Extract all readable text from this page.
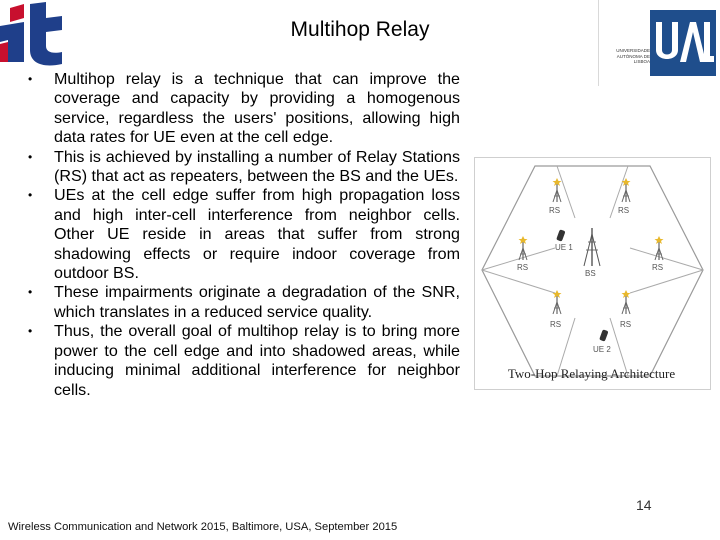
UNIVERSIDADE AUTÓNOMA DE LISBOA
Multihop Relay
•	Multihop relay is a technique that can improve the coverage and capacity by providing a homogenous service, regardless the users' positions, allowing high data rates for UE even at the cell edge.
•	This is achieved by installing a number of Relay Stations (RS) that act as repeaters, between the BS and the UEs.
•	UEs at the cell edge suffer from high propagation loss and high inter-cell interference from neighbor cells. Other UE reside in areas that suffer from strong shadowing effects or require indoor coverage from outdoor BS.
•	These impairments originate a degradation of the SNR, which translates in a reduced service quality.
•	Thus, the overall goal of multihop relay is to bring more power to the cell edge and into shadowed areas, while inducing minimal additional interference for neighbor cells.
BS
RS	RS
RS	RS
RS	RS
UE 1
UE 2
Two-Hop Relaying Architecture
14
Wireless Communication and Network 2015, Baltimore, USA, September 2015
